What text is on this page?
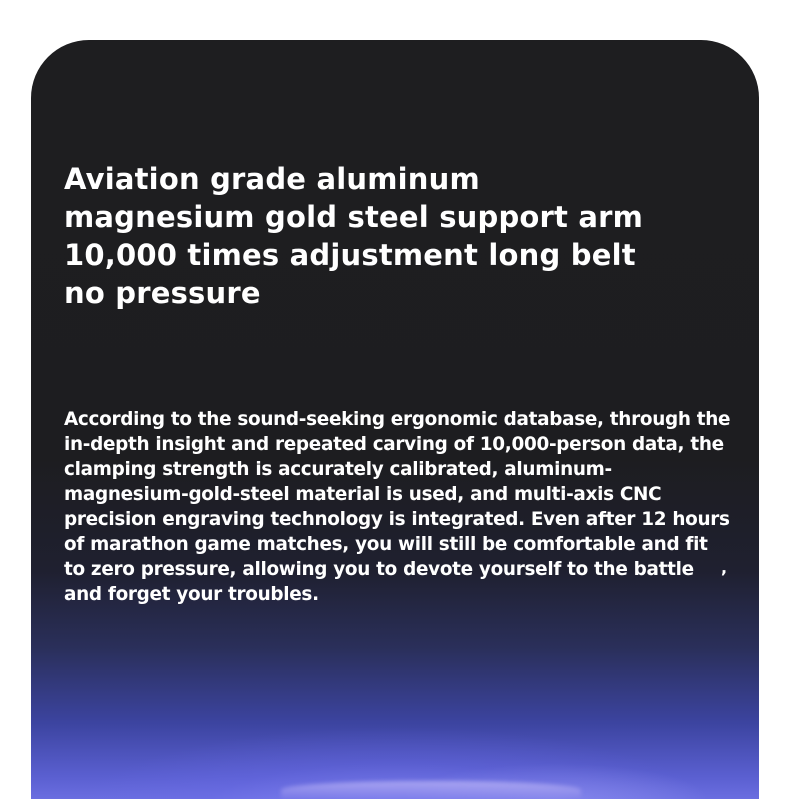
Aviation grade aluminum magnesium gold steel support arm 10,000 times adjustment long belt no pressure

According to the sound-seeking ergonomic database, through the in-depth insight and repeated carving of 10,000-person data, the clamping strength is accurately calibrated, aluminum-magnesium-gold-steel material is used, and multi-axis CNC precision engraving technology is integrated. Even after 12 hours of marathon game matches, you will still be comfortable and fit to zero pressure, allowing you to devote yourself to the battle and forget your troubles.

,
